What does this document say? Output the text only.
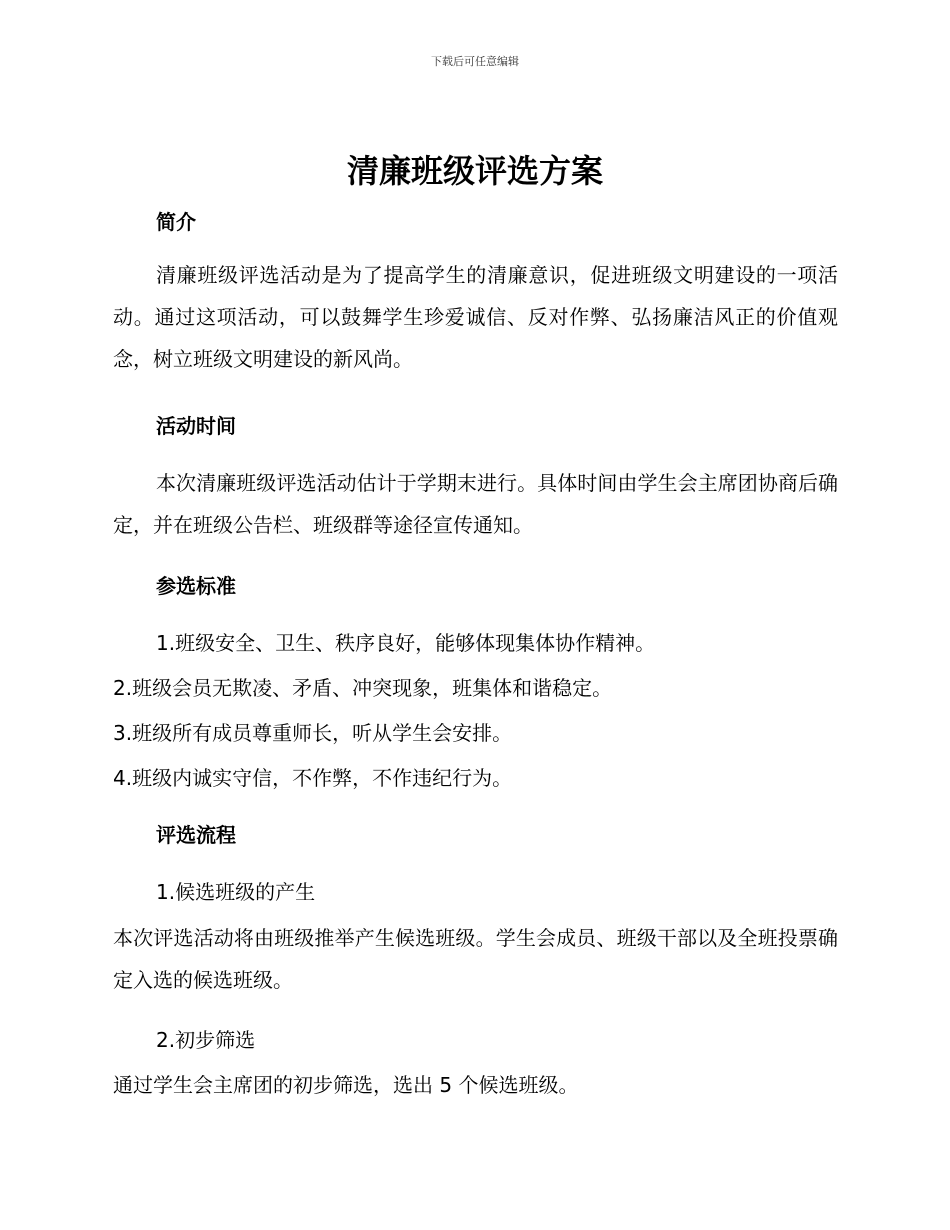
下载后可任意编辑
清廉班级评选方案
简介

清廉班级评选活动是为了提高学生的清廉意识，促进班级文明建设的一项活动。通过这项活动，可以鼓舞学生珍爱诚信、反对作弊、弘扬廉洁风正的价值观念，树立班级文明建设的新风尚。

活动时间

本次清廉班级评选活动估计于学期末进行。具体时间由学生会主席团协商后确定，并在班级公告栏、班级群等途径宣传通知。

参选标准
1.班级安全、卫生、秩序良好，能够体现集体协作精神。
2.班级会员无欺凌、矛盾、冲突现象，班集体和谐稳定。
3.班级所有成员尊重师长，听从学生会安排。
4.班级内诚实守信，不作弊，不作违纪行为。
评选流程
1.候选班级的产生

本次评选活动将由班级推举产生候选班级。学生会成员、班级干部以及全班投票确定入选的候选班级。

2.初步筛选
通过学生会主席团的初步筛选，选出 5 个候选班级。
